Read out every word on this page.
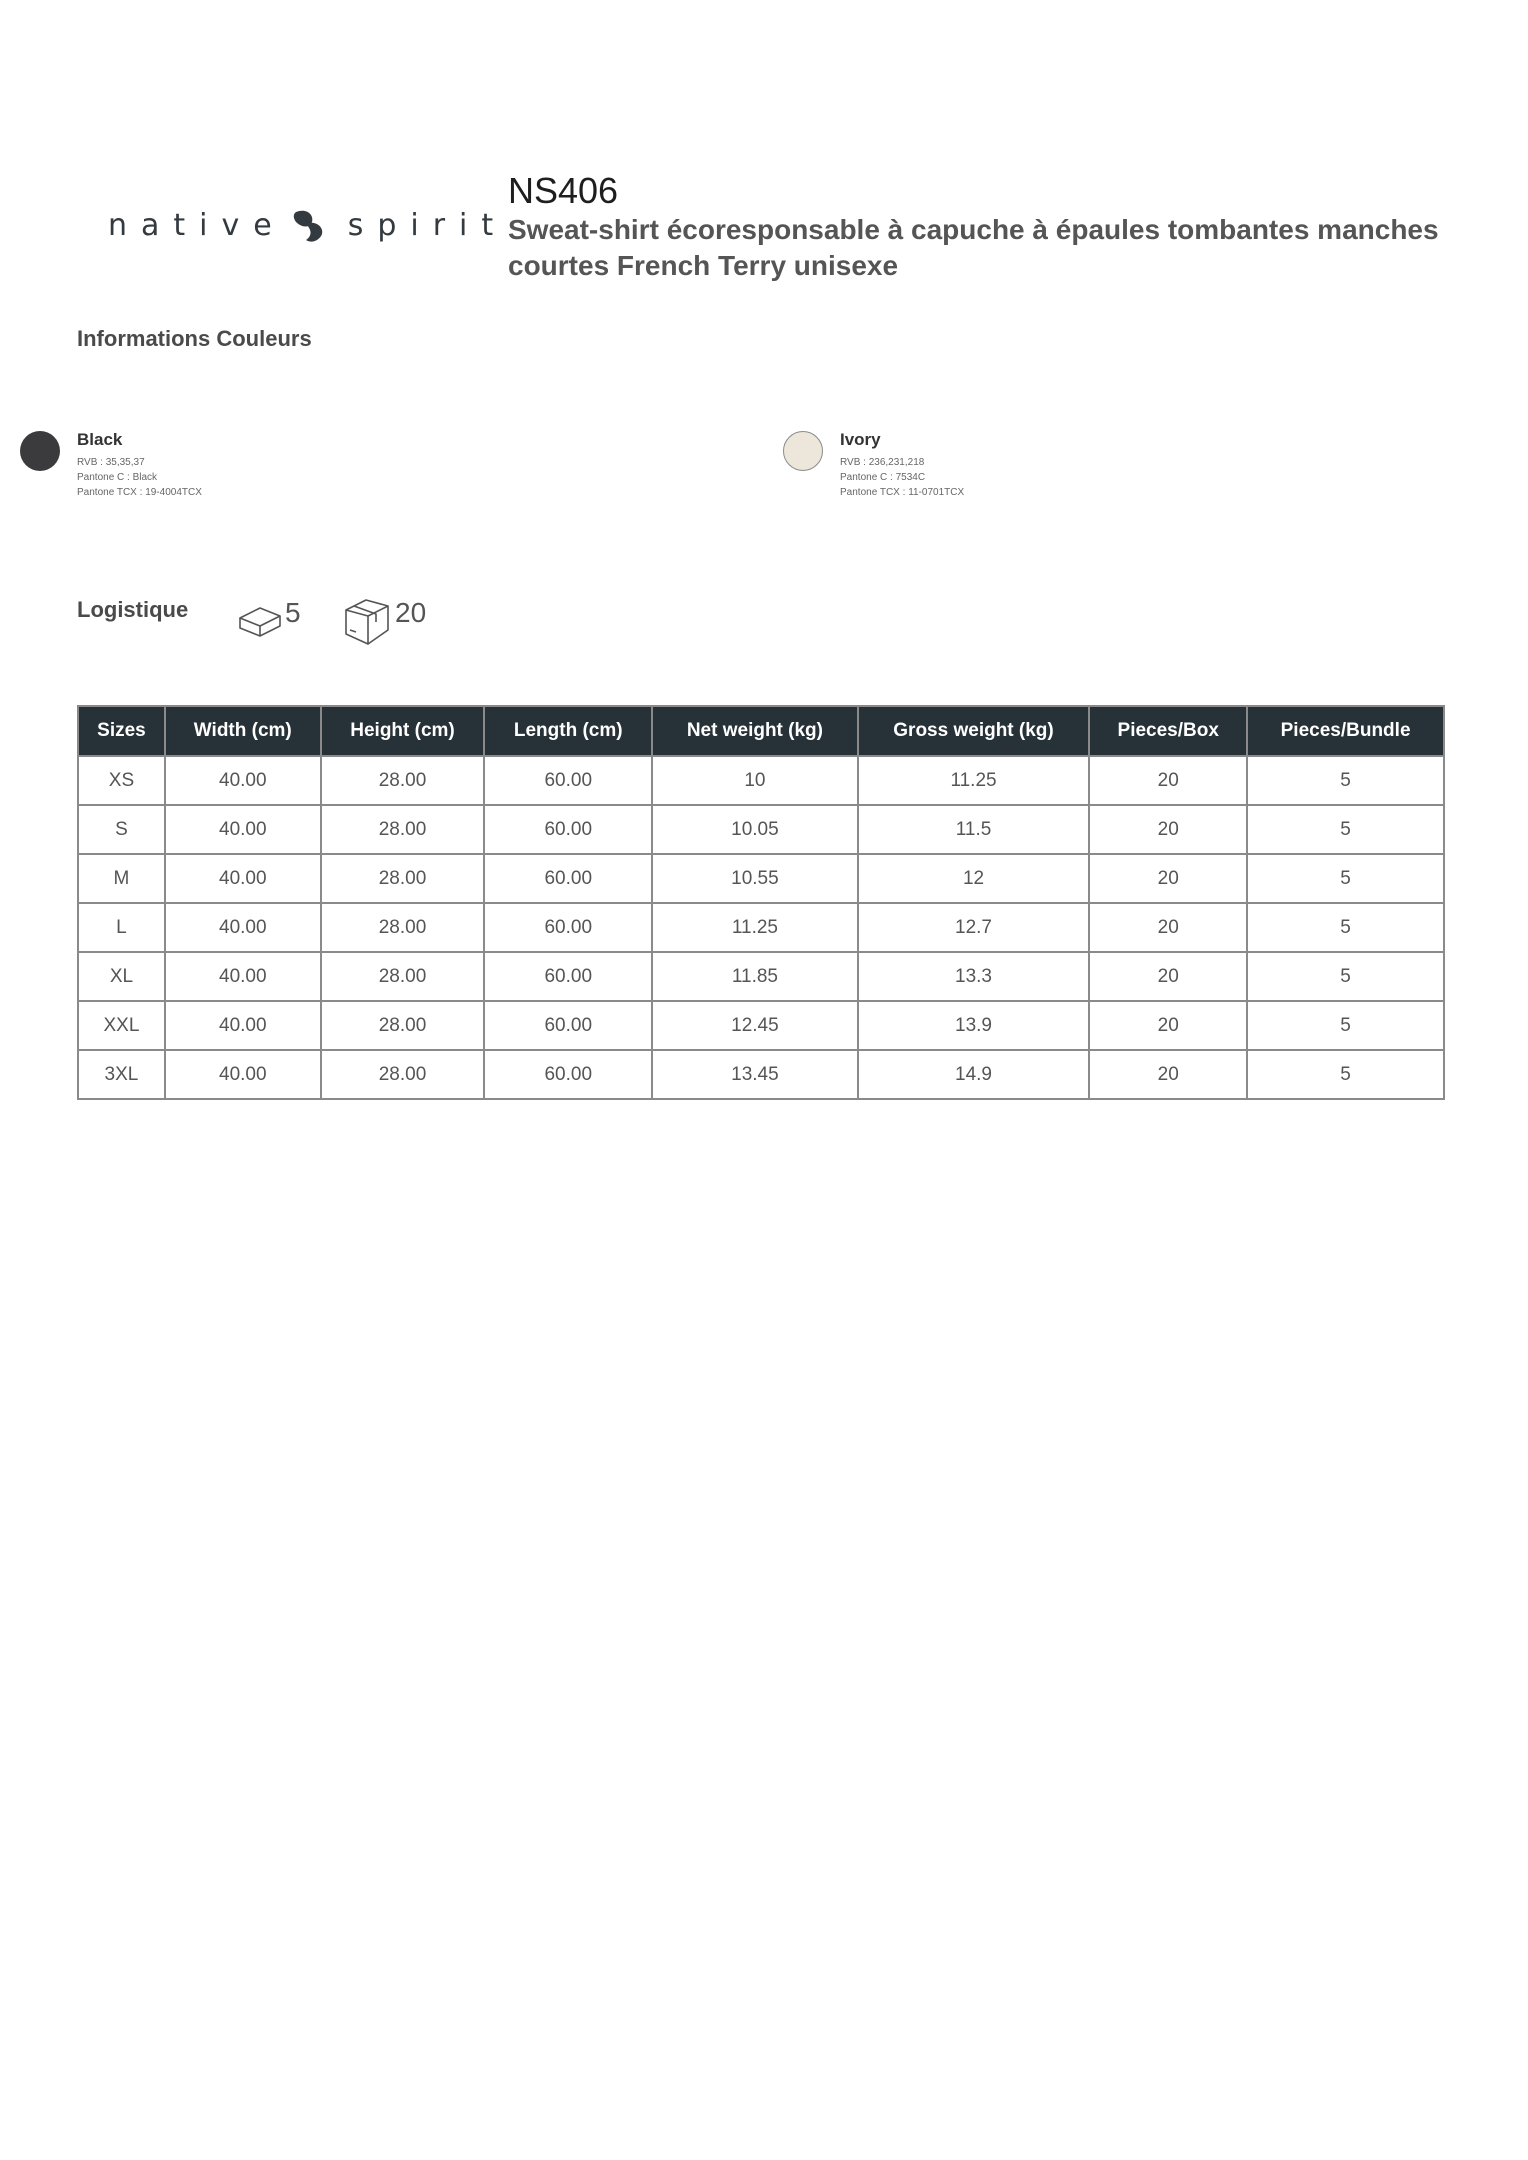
native spirit
NS406
Sweat-shirt écoresponsable à capuche à épaules tombantes manches courtes French Terry unisexe
Informations Couleurs
Black
RVB : 35,35,37
Pantone C : Black
Pantone TCX : 19-4004TCX
Ivory
RVB : 236,231,218
Pantone C : 7534C
Pantone TCX : 11-0701TCX
Logistique	5	20
Sizes	Width (cm)	Height (cm)	Length (cm)	Net weight (kg)	Gross weight (kg)	Pieces/Box	Pieces/Bundle
XS	40.00	28.00	60.00	10	11.25	20	5
S	40.00	28.00	60.00	10.05	11.5	20	5
M	40.00	28.00	60.00	10.55	12	20	5
L	40.00	28.00	60.00	11.25	12.7	20	5
XL	40.00	28.00	60.00	11.85	13.3	20	5
XXL	40.00	28.00	60.00	12.45	13.9	20	5
3XL	40.00	28.00	60.00	13.45	14.9	20	5
